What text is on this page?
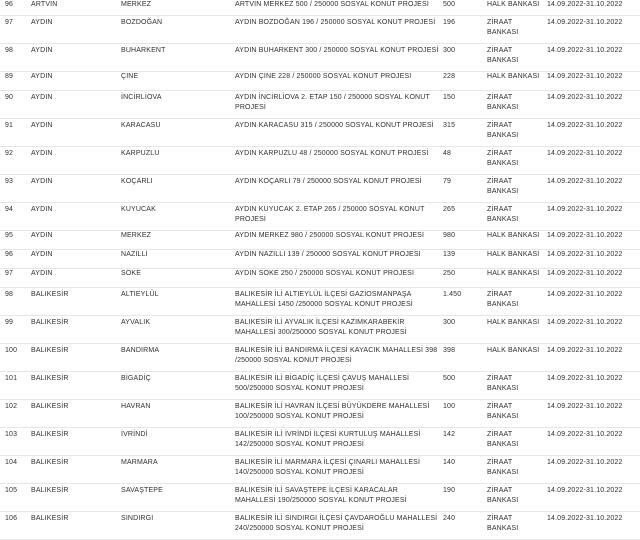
96	ARTVİN	MERKEZ	ARTVİN MERKEZ 500 / 250000 SOSYAL KONUT PROJESİ	500	HALK BANKASI	14.09.2022-31.10.2022
97	AYDIN	BOZDOĞAN	AYDIN BOZDOĞAN 196 / 250000 SOSYAL KONUT PROJESİ	196	ZİRAAT BANKASI	14.09.2022-31.10.2022
98	AYDIN	BUHARKENT	AYDIN BUHARKENT 300 / 250000 SOSYAL KONUT PROJESİ	300	ZİRAAT BANKASI	14.09.2022-31.10.2022
89	AYDIN	ÇİNE	AYDIN ÇİNE 228 / 250000 SOSYAL KONUT PROJESİ	228	HALK BANKASI	14.09.2022-31.10.2022
90	AYDIN	İNCİRLİOVA	AYDIN İNCİRLİOVA 2. ETAP 150 / 250000 SOSYAL KONUT PROJESİ	150	ZİRAAT BANKASI	14.09.2022-31.10.2022
91	AYDIN	KARACASU	AYDIN KARACASU 315 / 250000 SOSYAL KONUT PROJESİ	315	ZİRAAT BANKASI	14.09.2022-31.10.2022
92	AYDIN	KARPUZLU	AYDIN KARPUZLU 48 / 250000 SOSYAL KONUT PROJESİ	48	ZİRAAT BANKASI	14.09.2022-31.10.2022
93	AYDIN	KOÇARLI	AYDIN KOÇARLI 79 / 250000 SOSYAL KONUT PROJESİ	79	ZİRAAT BANKASI	14.09.2022-31.10.2022
94	AYDIN	KUYUCAK	AYDIN KUYUCAK 2. ETAP 265 / 250000 SOSYAL KONUT PROJESİ	265	ZİRAAT BANKASI	14.09.2022-31.10.2022
95	AYDIN	MERKEZ	AYDIN MERKEZ 980 / 250000 SOSYAL KONUT PROJESİ	980	HALK BANKASI	14.09.2022-31.10.2022
96	AYDIN	NAZİLLİ	AYDIN NAZİLLİ 139 / 250000 SOSYAL KONUT PROJESİ	139	HALK BANKASI	14.09.2022-31.10.2022
97	AYDIN	SÖKE	AYDIN SÖKE 250 / 250000 SOSYAL KONUT PROJESİ	250	HALK BANKASI	14.09.2022-31.10.2022
98	BALIKESİR	ALTIEYLÜL	BALIKESİR İLİ ALTIEYLÜL İLÇESİ GAZİOSMANPAŞA MAHALLESİ 1450 /250000 SOSYAL KONUT PROJESİ	1.450	ZİRAAT BANKASI	14.09.2022-31.10.2022
99	BALIKESİR	AYVALIK	BALIKESİR İLİ AYVALIK İLÇESİ KAZIMKARABEKİR MAHALLESİ 300/250000 SOSYAL KONUT PROJESİ	300	HALK BANKASI	14.09.2022-31.10.2022
100	BALIKESİR	BANDIRMA	BALIKESİR İLİ BANDIRMA İLÇESİ KAYACIK MAHALLESİ 398 /250000 SOSYAL KONUT PROJESİ	398	HALK BANKASI	14.09.2022-31.10.2022
101	BALIKESİR	BİGADİÇ	BALIKESİR İLİ BİGADİÇ İLÇESİ ÇAVUŞ MAHALLESİ 500/250000 SOSYAL KONUT PROJESİ	500	ZİRAAT BANKASI	14.09.2022-31.10.2022
102	BALIKESİR	HAVRAN	BALIKESİR İLİ HAVRAN İLÇESİ BÜYÜKDERE MAHALLESİ 100/250000 SOSYAL KONUT PROJESİ	100	ZİRAAT BANKASI	14.09.2022-31.10.2022
103	BALIKESİR	İVRİNDİ	BALIKESİR İLİ İVRİNDİ İLÇESİ KURTULUŞ MAHALLESİ 142/250000 SOSYAL KONUT PROJESİ	142	ZİRAAT BANKASI	14.09.2022-31.10.2022
104	BALIKESİR	MARMARA	BALIKESİR İLİ MARMARA İLÇESİ ÇINARLI MAHALLESİ 140/250000 SOSYAL KONUT PROJESİ	140	ZİRAAT BANKASI	14.09.2022-31.10.2022
105	BALIKESİR	SAVAŞTEPE	BALIKESİR İLİ SAVAŞTEPE İLÇESİ KARACALAR MAHALLESİ 190/250000 SOSYAL KONUT PROJESİ	190	ZİRAAT BANKASI	14.09.2022-31.10.2022
106	BALIKESİR	SINDIRGI	BALIKESİR İLİ SINDIRGI İLÇESİ ÇAVDAROĞLU MAHALLESİ 240/250000 SOSYAL KONUT PROJESİ	240	ZİRAAT BANKASI	14.09.2022-31.10.2022
